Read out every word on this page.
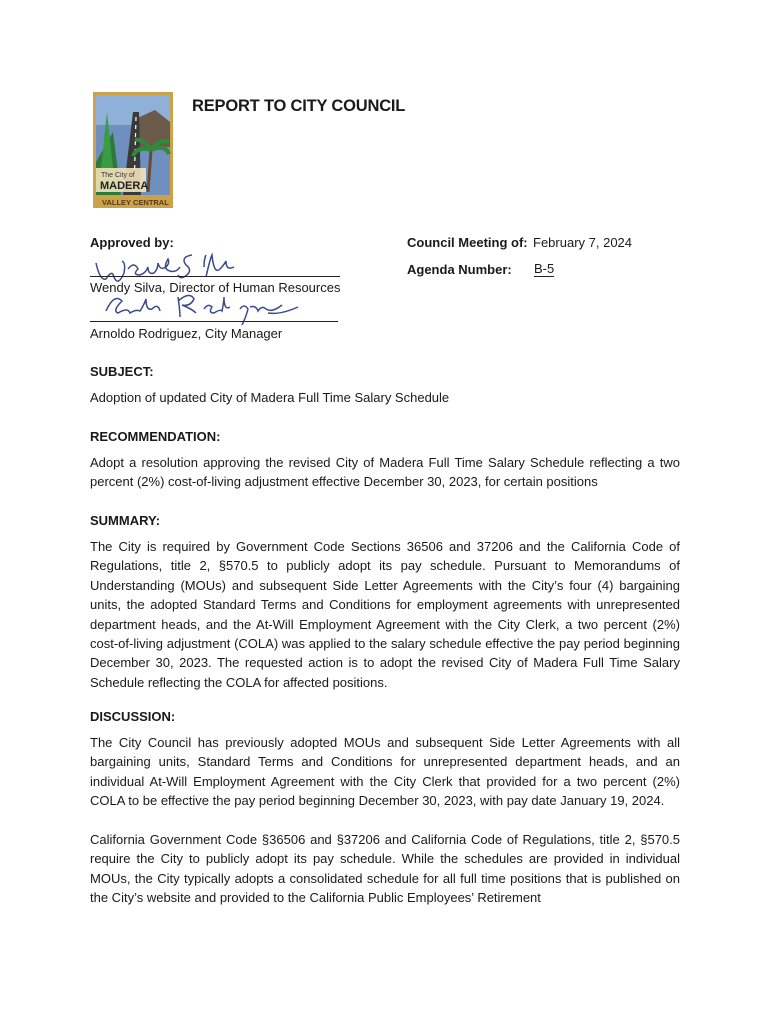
The City of
MADERA
VALLEY CENTRAL
REPORT TO CITY COUNCIL
Approved by:
Wendy Silva, Director of Human Resources
Arnoldo Rodriguez, City Manager
Council Meeting of: February 7, 2024
Agenda Number: B-5
SUBJECT:

Adoption of updated City of Madera Full Time Salary Schedule

RECOMMENDATION:

Adopt a resolution approving the revised City of Madera Full Time Salary Schedule reflecting a two percent (2%) cost-of-living adjustment effective December 30, 2023, for certain positions

SUMMARY:

The City is required by Government Code Sections 36506 and 37206 and the California Code of Regulations, title 2, §570.5 to publicly adopt its pay schedule. Pursuant to Memorandums of Understanding (MOUs) and subsequent Side Letter Agreements with the City’s four (4) bargaining units, the adopted Standard Terms and Conditions for employment agreements with unrepresented department heads, and the At-Will Employment Agreement with the City Clerk, a two percent (2%) cost-of-living adjustment (COLA) was applied to the salary schedule effective the pay period beginning December 30, 2023. The requested action is to adopt the revised City of Madera Full Time Salary Schedule reflecting the COLA for affected positions.

DISCUSSION:

The City Council has previously adopted MOUs and subsequent Side Letter Agreements with all bargaining units, Standard Terms and Conditions for unrepresented department heads, and an individual At-Will Employment Agreement with the City Clerk that provided for a two percent (2%) COLA to be effective the pay period beginning December 30, 2023, with pay date January 19, 2024.

California Government Code §36506 and §37206 and California Code of Regulations, title 2, §570.5 require the City to publicly adopt its pay schedule. While the schedules are provided in individual MOUs, the City typically adopts a consolidated schedule for all full time positions that is published on the City’s website and provided to the California Public Employees’ Retirement
